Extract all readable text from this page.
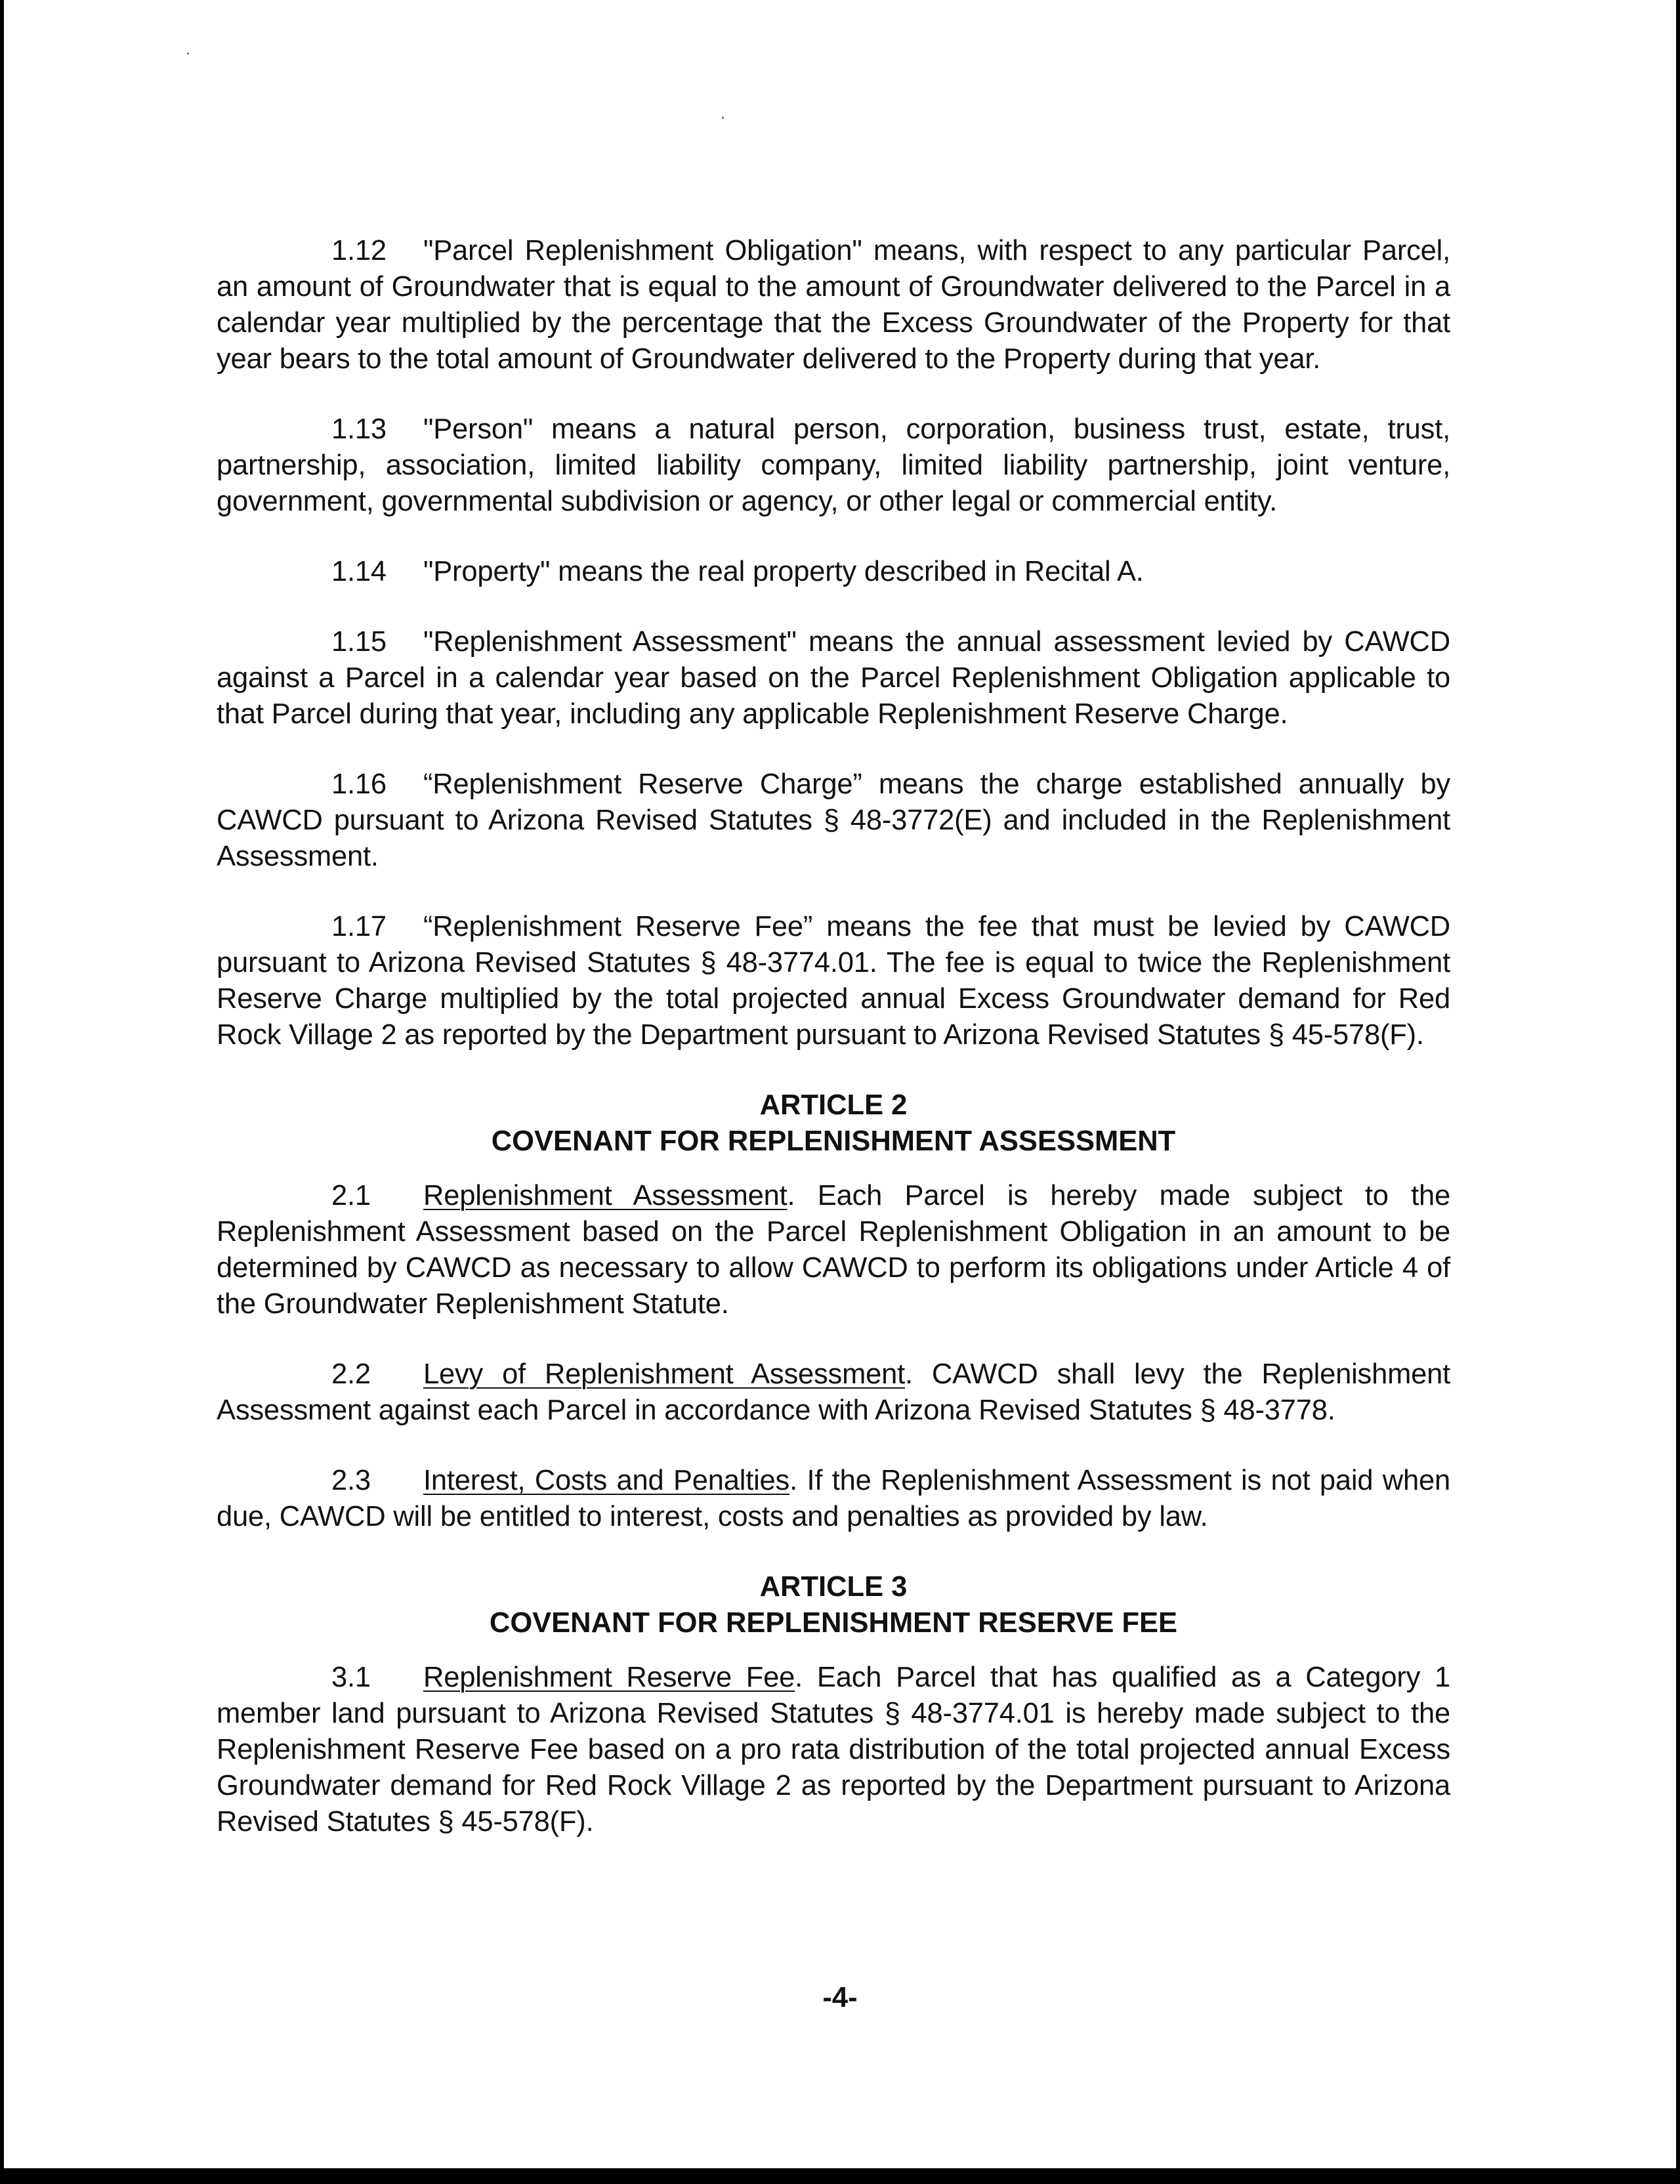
1.12 "Parcel Replenishment Obligation" means, with respect to any particular Parcel, an amount of Groundwater that is equal to the amount of Groundwater delivered to the Parcel in a calendar year multiplied by the percentage that the Excess Groundwater of the Property for that year bears to the total amount of Groundwater delivered to the Property during that year.

1.13 "Person" means a natural person, corporation, business trust, estate, trust, partnership, association, limited liability company, limited liability partnership, joint venture, government, governmental subdivision or agency, or other legal or commercial entity.

1.14 "Property" means the real property described in Recital A.

1.15 "Replenishment Assessment" means the annual assessment levied by CAWCD against a Parcel in a calendar year based on the Parcel Replenishment Obligation applicable to that Parcel during that year, including any applicable Replenishment Reserve Charge.

1.16 “Replenishment Reserve Charge” means the charge established annually by CAWCD pursuant to Arizona Revised Statutes § 48-3772(E) and included in the Replenishment Assessment.

1.17 “Replenishment Reserve Fee” means the fee that must be levied by CAWCD pursuant to Arizona Revised Statutes § 48-3774.01. The fee is equal to twice the Replenishment Reserve Charge multiplied by the total projected annual Excess Groundwater demand for Red Rock Village 2 as reported by the Department pursuant to Arizona Revised Statutes § 45-578(F).

ARTICLE 2
COVENANT FOR REPLENISHMENT ASSESSMENT

2.1 Replenishment Assessment. Each Parcel is hereby made subject to the Replenishment Assessment based on the Parcel Replenishment Obligation in an amount to be determined by CAWCD as necessary to allow CAWCD to perform its obligations under Article 4 of the Groundwater Replenishment Statute.

2.2 Levy of Replenishment Assessment. CAWCD shall levy the Replenishment Assessment against each Parcel in accordance with Arizona Revised Statutes § 48-3778.

2.3 Interest, Costs and Penalties. If the Replenishment Assessment is not paid when due, CAWCD will be entitled to interest, costs and penalties as provided by law.

ARTICLE 3
COVENANT FOR REPLENISHMENT RESERVE FEE

3.1 Replenishment Reserve Fee. Each Parcel that has qualified as a Category 1 member land pursuant to Arizona Revised Statutes § 48-3774.01 is hereby made subject to the Replenishment Reserve Fee based on a pro rata distribution of the total projected annual Excess Groundwater demand for Red Rock Village 2 as reported by the Department pursuant to Arizona Revised Statutes § 45-578(F).

-4-
